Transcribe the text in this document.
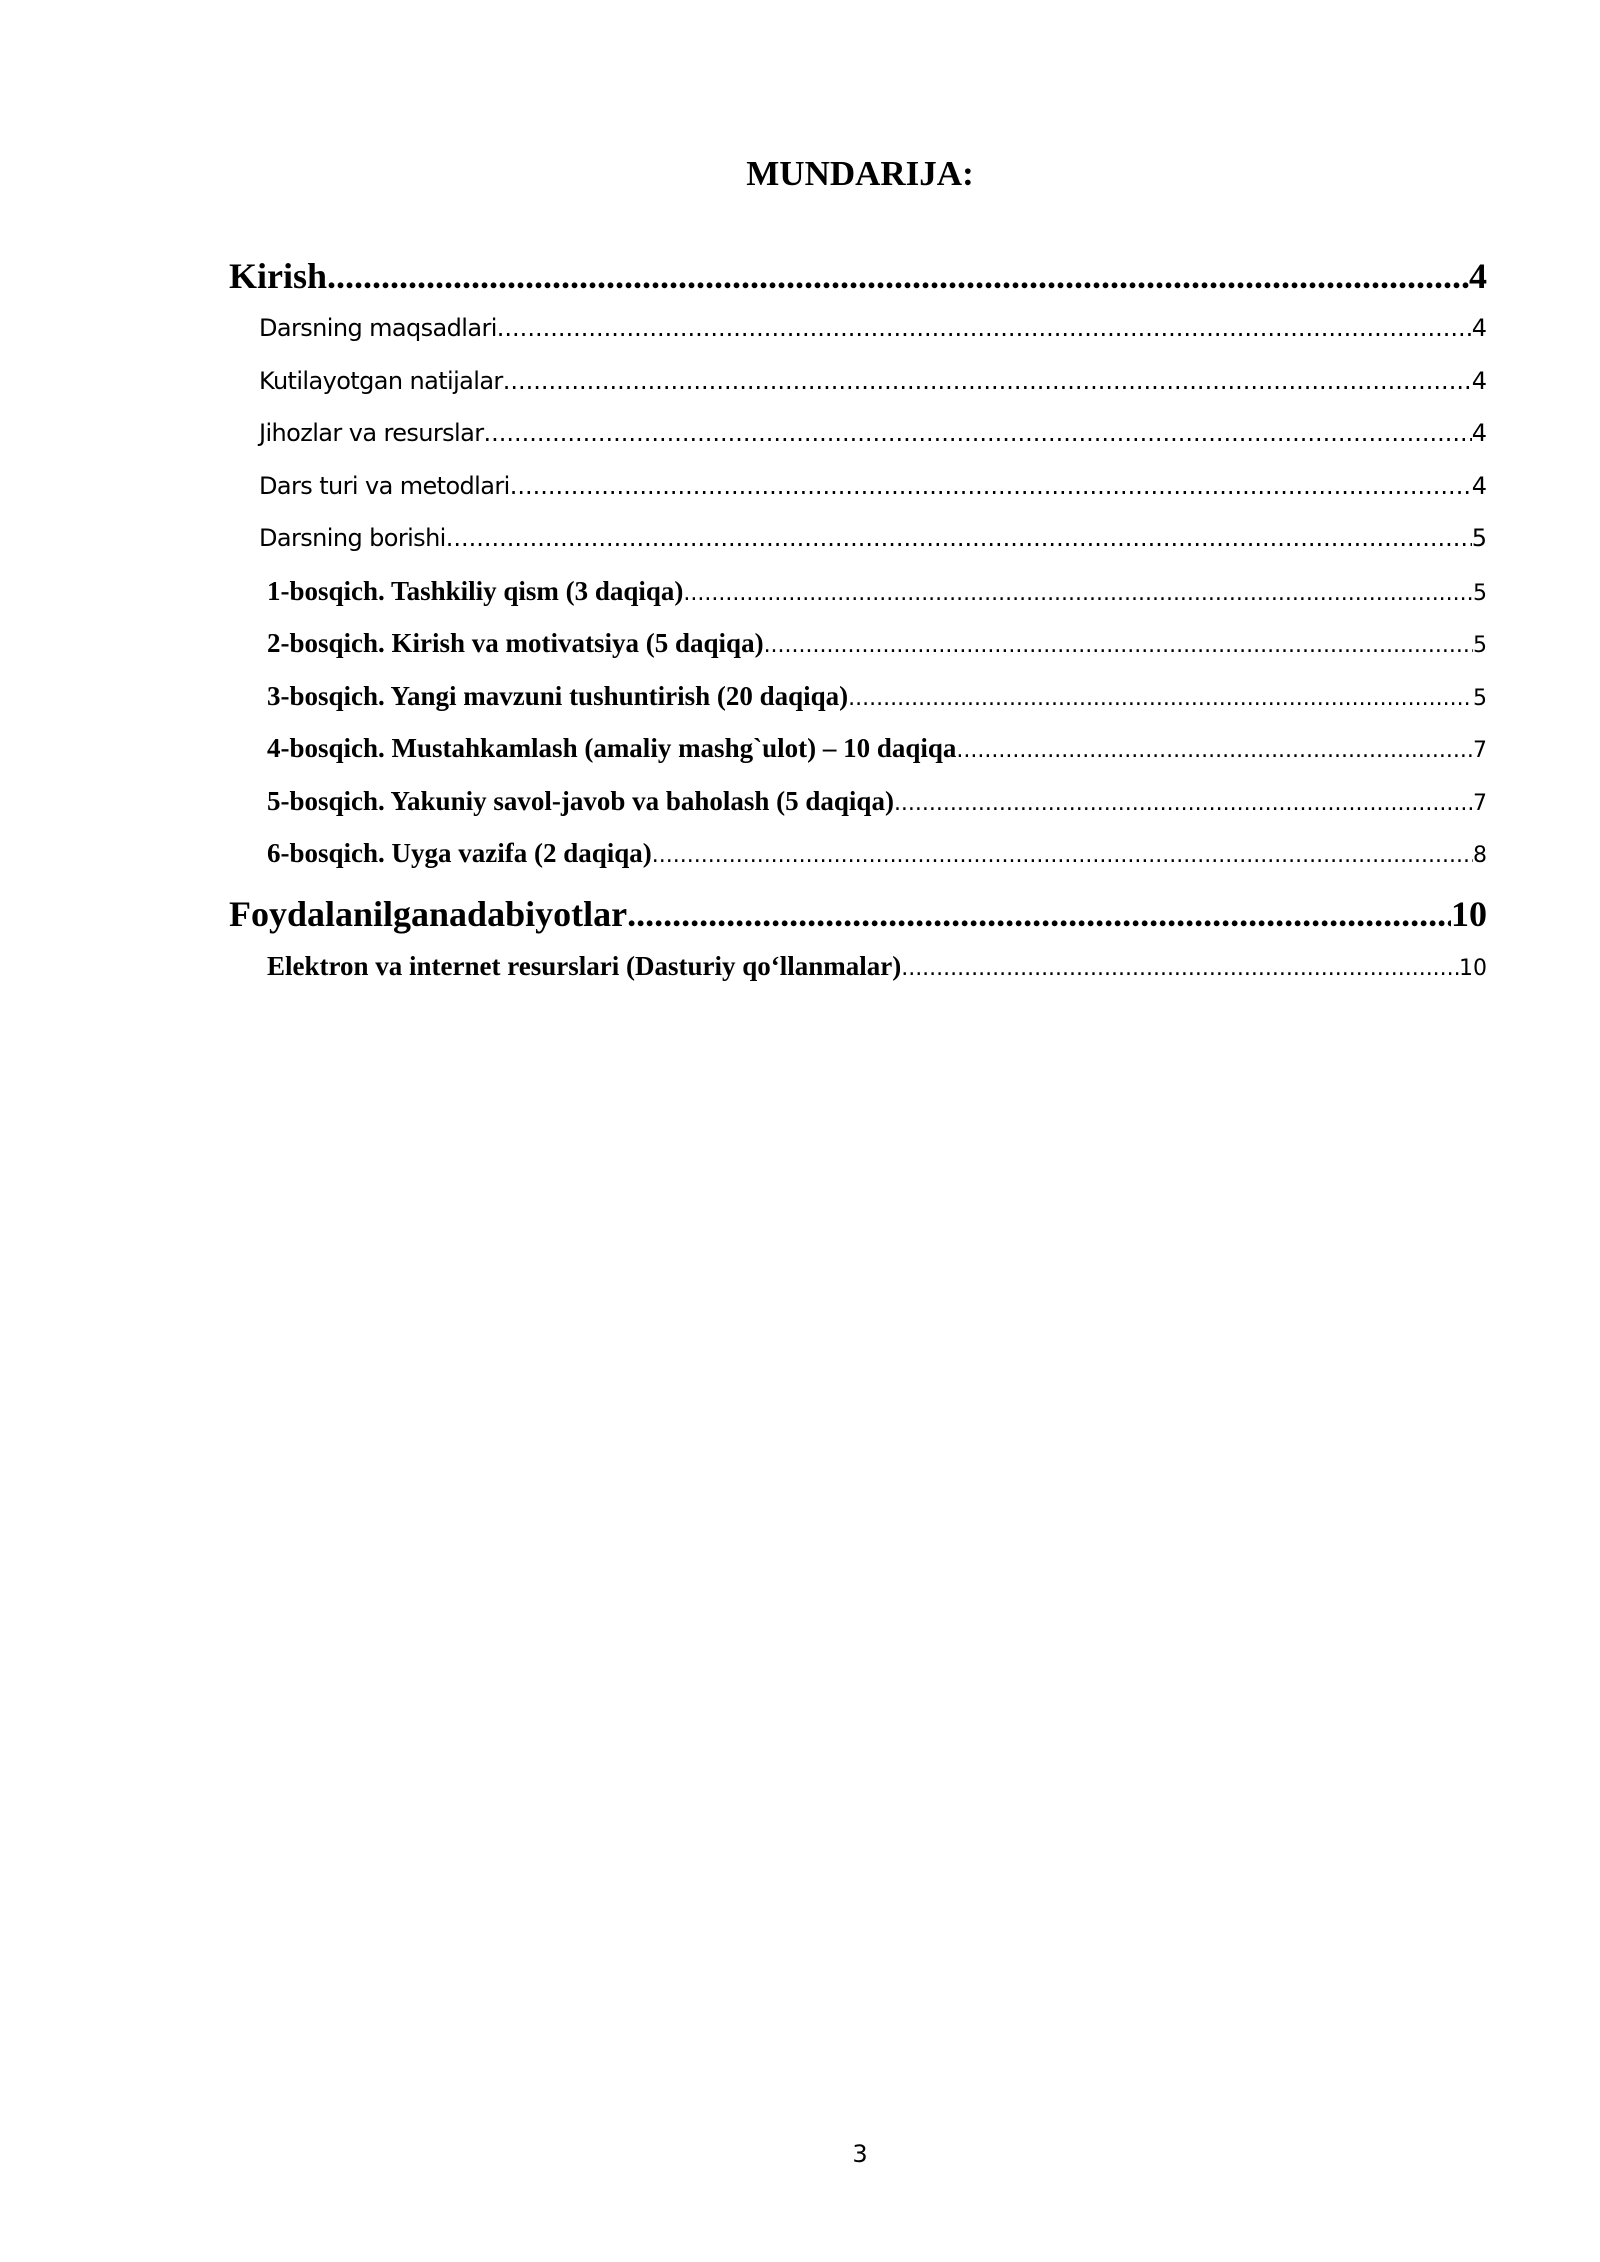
MUNDARIJA:
Kirish .....	4
Darsning maqsadlari .....	4
Kutilayotgan natijalar .....	4
Jihozlar va resurslar .....	4
Dars turi va metodlari .....	4
Darsning borishi .....	5
1-bosqich. Tashkiliy qism (3 daqiqa) .....	5
2-bosqich. Kirish va motivatsiya (5 daqiqa) .....	5
3-bosqich. Yangi mavzuni tushuntirish (20 daqiqa) .....	5
4-bosqich. Mustahkamlash (amaliy mashg`ulot) – 10 daqiqa .....	7
5-bosqich. Yakuniy savol-javob va baholash (5 daqiqa) .....	7
6-bosqich. Uyga vazifa (2 daqiqa) .....	8
Foydalanilganadabiyotlar .....	10
Elektron va internet resurslari (Dasturiy qo‘llanmalar) .....	10
3
